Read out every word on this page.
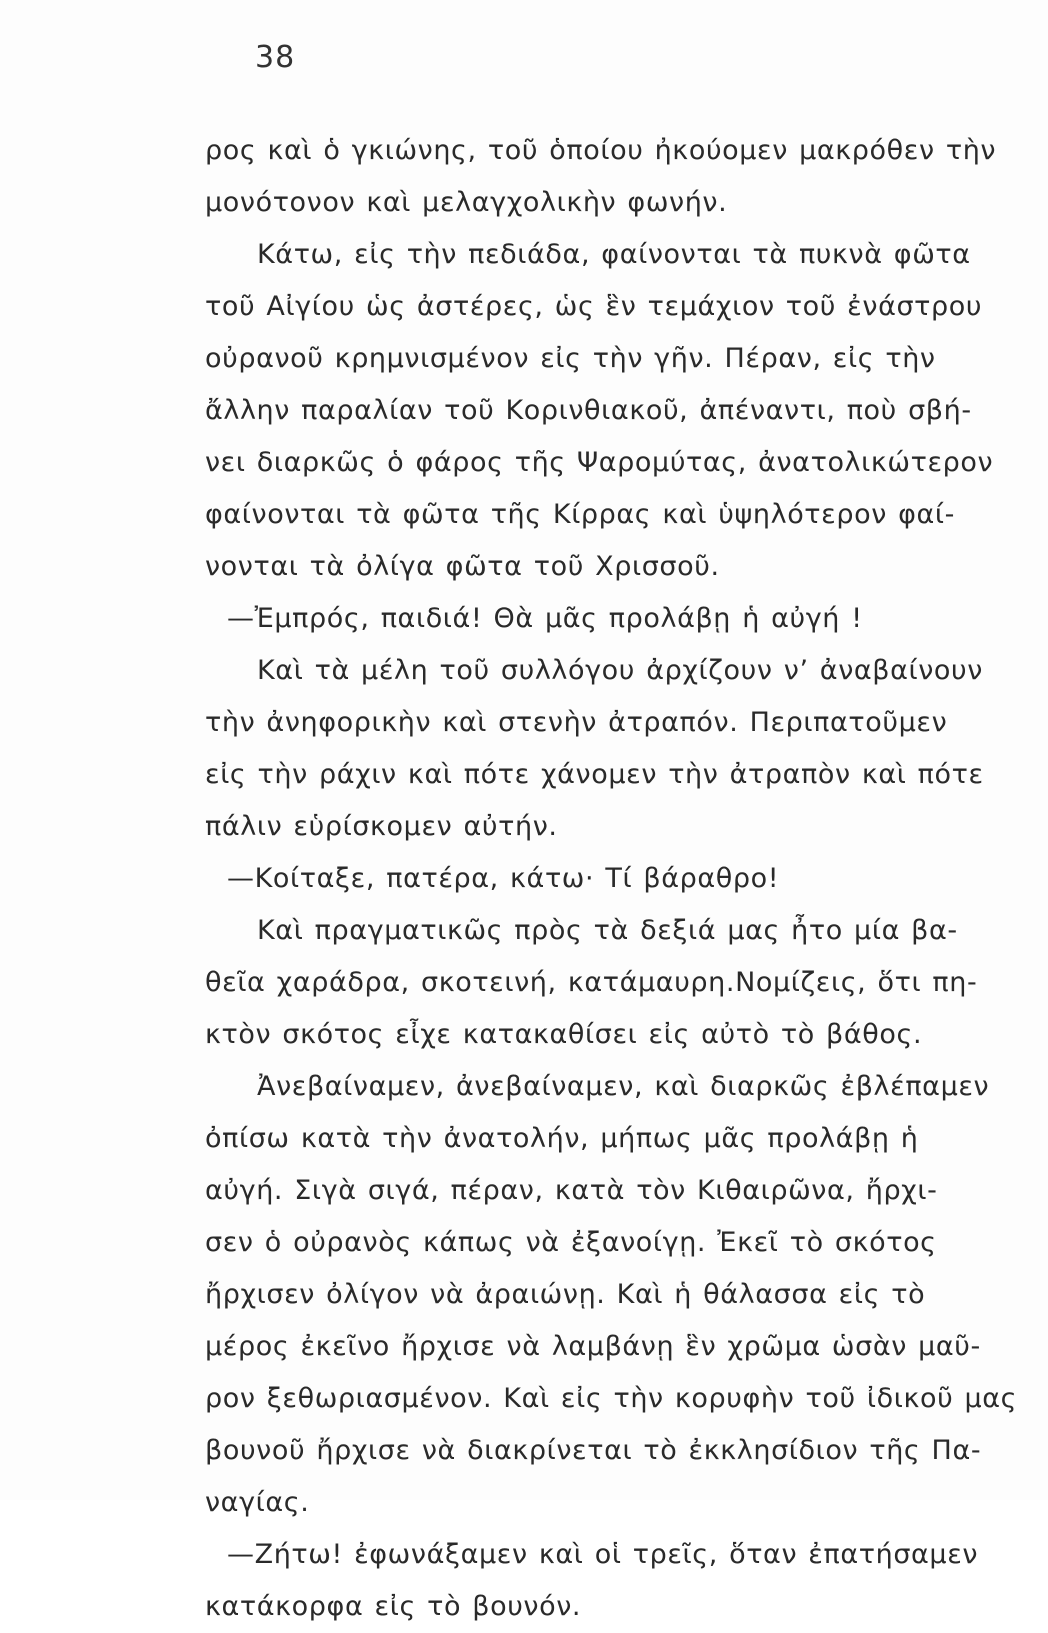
38
ρος καὶ ὁ γκιώνης, τοῦ ὁποίου ἠκούομεν μακρόθεν τὴν
μονότονον καὶ μελαγχολικὴν φωνήν.
Κάτω, εἰς τὴν πεδιάδα, φαίνονται τὰ πυκνὰ φῶτα
τοῦ Αἰγίου ὡς ἀστέρες, ὡς ἓν τεμάχιον τοῦ ἐνάστρου
οὐρανοῦ κρημνισμένον εἰς τὴν γῆν. Πέραν, εἰς τὴν
ἄλλην παραλίαν τοῦ Κορινθιακοῦ, ἀπέναντι, ποὺ σβή-
νει διαρκῶς ὁ φάρος τῆς Ψαρομύτας, ἀνατολικώτερον
φαίνονται τὰ φῶτα τῆς Κίρρας καὶ ὑψηλότερον φαί-
νονται τὰ ὀλίγα φῶτα τοῦ Χρισσοῦ.
—Ἐμπρός, παιδιά! Θὰ μᾶς προλάβῃ ἡ αὐγή !
Καὶ τὰ μέλη τοῦ συλλόγου ἀρχίζουν ν’ ἀναβαίνουν
τὴν ἀνηφορικὴν καὶ στενὴν ἀτραπόν. Περιπατοῦμεν
εἰς τὴν ράχιν καὶ πότε χάνομεν τὴν ἀτραπὸν καὶ πότε
πάλιν εὑρίσκομεν αὐτήν.
—Κοίταξε, πατέρα, κάτω· Τί βάραθρο!
Καὶ πραγματικῶς πρὸς τὰ δεξιά μας ἦτο μία βα-
θεῖα χαράδρα, σκοτεινή, κατάμαυρη.Νομίζεις, ὅτι πη-
κτὸν σκότος εἶχε κατακαθίσει εἰς αὐτὸ τὸ βάθος.
Ἀνεβαίναμεν, ἀνεβαίναμεν, καὶ διαρκῶς ἐβλέπαμεν
ὀπίσω κατὰ τὴν ἀνατολήν, μήπως μᾶς προλάβῃ ἡ
αὐγή. Σιγὰ σιγά, πέραν, κατὰ τὸν Κιθαιρῶνα, ἤρχι-
σεν ὁ οὐρανὸς κάπως νὰ ἐξανοίγῃ. Ἐκεῖ τὸ σκότος
ἤρχισεν ὀλίγον νὰ ἀραιώνῃ. Καὶ ἡ θάλασσα εἰς τὸ
μέρος ἐκεῖνο ἤρχισε νὰ λαμβάνῃ ἓν χρῶμα ὡσὰν μαῦ-
ρον ξεθωριασμένον. Καὶ εἰς τὴν κορυφὴν τοῦ ἰδικοῦ μας
βουνοῦ ἤρχισε νὰ διακρίνεται τὸ ἐκκλησίδιον τῆς Πα-
ναγίας.
—Ζήτω! ἐφωνάξαμεν καὶ οἱ τρεῖς, ὅταν ἐπατήσαμεν
κατάκορφα εἰς τὸ βουνόν.
